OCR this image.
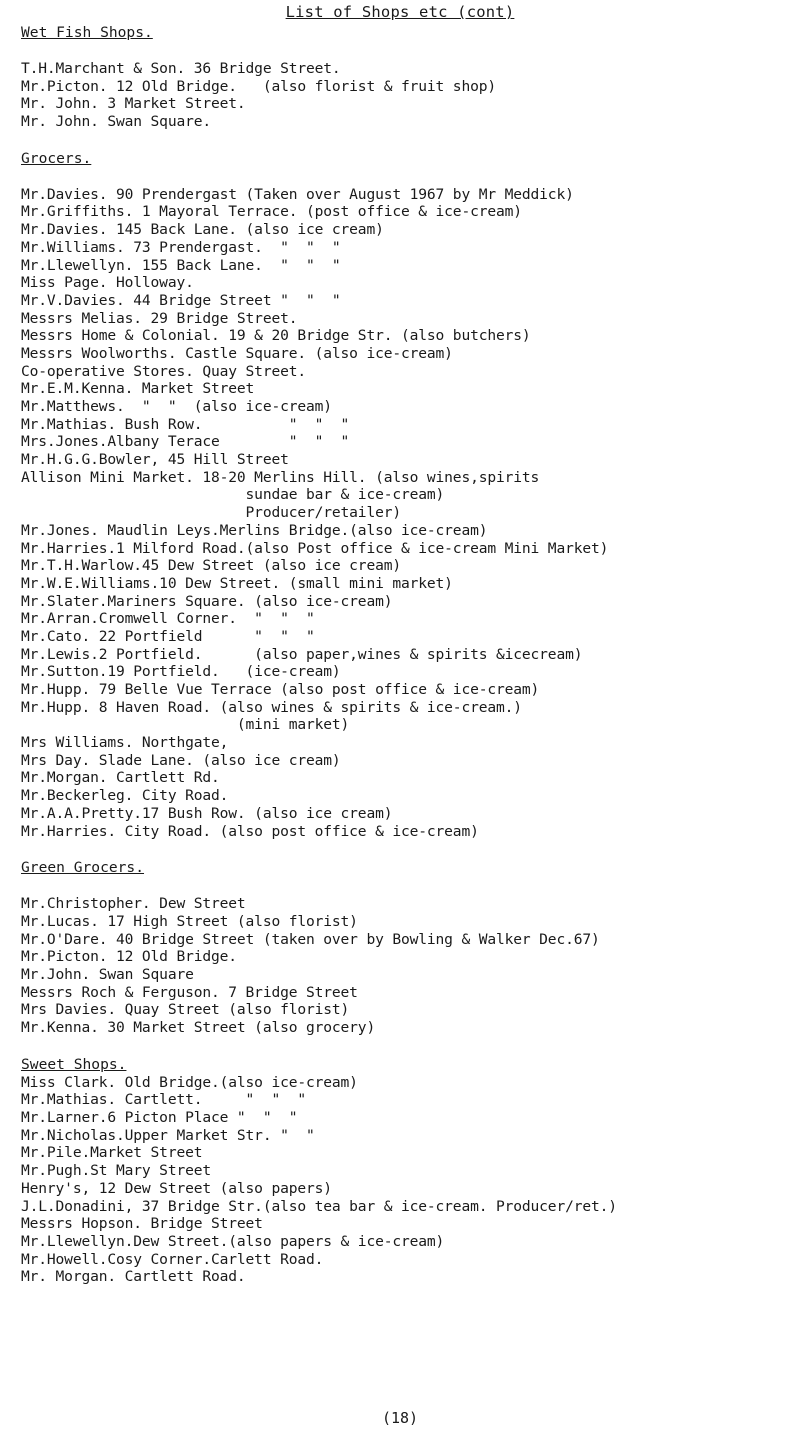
List of Shops etc (cont)
Wet Fish Shops.
T.H.Marchant & Son. 36 Bridge Street.
Mr.Picton. 12 Old Bridge.   (also florist & fruit shop)
Mr. John. 3 Market Street.
Mr. John. Swan Square.
Grocers.
Mr.Davies. 90 Prendergast (Taken over August 1967 by Mr Meddick)
Mr.Griffiths. 1 Mayoral Terrace. (post office & ice-cream)
Mr.Davies. 145 Back Lane. (also ice cream)
Mr.Williams. 73 Prendergast.  "  "  "
Mr.Llewellyn. 155 Back Lane.  "  "  "
Miss Page. Holloway.
Mr.V.Davies. 44 Bridge Street "  "  "
Messrs Melias. 29 Bridge Street.
Messrs Home & Colonial. 19 & 20 Bridge Str. (also butchers)
Messrs Woolworths. Castle Square. (also ice-cream)
Co-operative Stores. Quay Street.
Mr.E.M.Kenna. Market Street
Mr.Matthews.  "  "  (also ice-cream)
Mr.Mathias. Bush Row.          "  "  "
Mrs.Jones.Albany Terace        "  "  "
Mr.H.G.G.Bowler, 45 Hill Street
Allison Mini Market. 18-20 Merlins Hill. (also wines,spirits
sundae bar & ice-cream)
Producer/retailer)
Mr.Jones. Maudlin Leys.Merlins Bridge.(also ice-cream)
Mr.Harries.1 Milford Road.(also Post office & ice-cream Mini Market)
Mr.T.H.Warlow.45 Dew Street (also ice cream)
Mr.W.E.Williams.10 Dew Street. (small mini market)
Mr.Slater.Mariners Square. (also ice-cream)
Mr.Arran.Cromwell Corner.  "  "  "
Mr.Cato. 22 Portfield      "  "  "
Mr.Lewis.2 Portfield.      (also paper,wines & spirits &icecream)
Mr.Sutton.19 Portfield.   (ice-cream)
Mr.Hupp. 79 Belle Vue Terrace (also post office & ice-cream)
Mr.Hupp. 8 Haven Road. (also wines & spirits & ice-cream.)
(mini market)
Mrs Williams. Northgate,
Mrs Day. Slade Lane. (also ice cream)
Mr.Morgan. Cartlett Rd.
Mr.Beckerleg. City Road.
Mr.A.A.Pretty.17 Bush Row. (also ice cream)
Mr.Harries. City Road. (also post office & ice-cream)
Green Grocers.
Mr.Christopher. Dew Street
Mr.Lucas. 17 High Street (also florist)
Mr.O'Dare. 40 Bridge Street (taken over by Bowling & Walker Dec.67)
Mr.Picton. 12 Old Bridge.
Mr.John. Swan Square
Messrs Roch & Ferguson. 7 Bridge Street
Mrs Davies. Quay Street (also florist)
Mr.Kenna. 30 Market Street (also grocery)
Sweet Shops.
Miss Clark. Old Bridge.(also ice-cream)
Mr.Mathias. Cartlett.     "  "  "
Mr.Larner.6 Picton Place "  "  "
Mr.Nicholas.Upper Market Str. "  "
Mr.Pile.Market Street
Mr.Pugh.St Mary Street
Henry's, 12 Dew Street (also papers)
J.L.Donadini, 37 Bridge Str.(also tea bar & ice-cream. Producer/ret.)
Messrs Hopson. Bridge Street
Mr.Llewellyn.Dew Street.(also papers & ice-cream)
Mr.Howell.Cosy Corner.Carlett Road.
Mr. Morgan. Cartlett Road.
(18)
